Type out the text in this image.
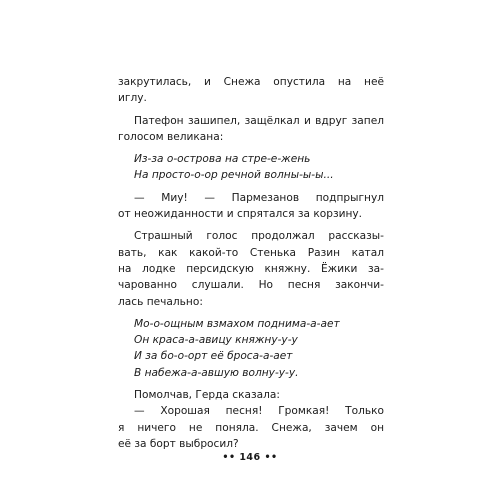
закрутилась, и Снежа опустила на неё
иглу.

Патефон зашипел, защёлкал и вдруг запел голосом великана:

Из-за о-острова на стре-е-жень
На просто-о-ор речной волны-ы-ы...

— Миу! — Пармезанов подпрыгнул
от неожиданности и спрятался за корзину.

Страшный голос продолжал рассказы-
вать, как какой-то Стенька Разин катал
на лодке персидскую княжну. Ёжики за-
чарованно слушали. Но песня закончи-
лась печально:

Мо-о-ощным взмахом поднима-а-ает
Он краса-а-авицу княжну-у-у
И за бо-о-орт её броса-а-ает
В набежа-а-авшую волну-у-у.

Помолчав, Герда сказала:

— Хорошая песня! Громкая! Только
я ничего не поняла. Снежа, зачем он
её за борт выбросил?

•• 146 ••
